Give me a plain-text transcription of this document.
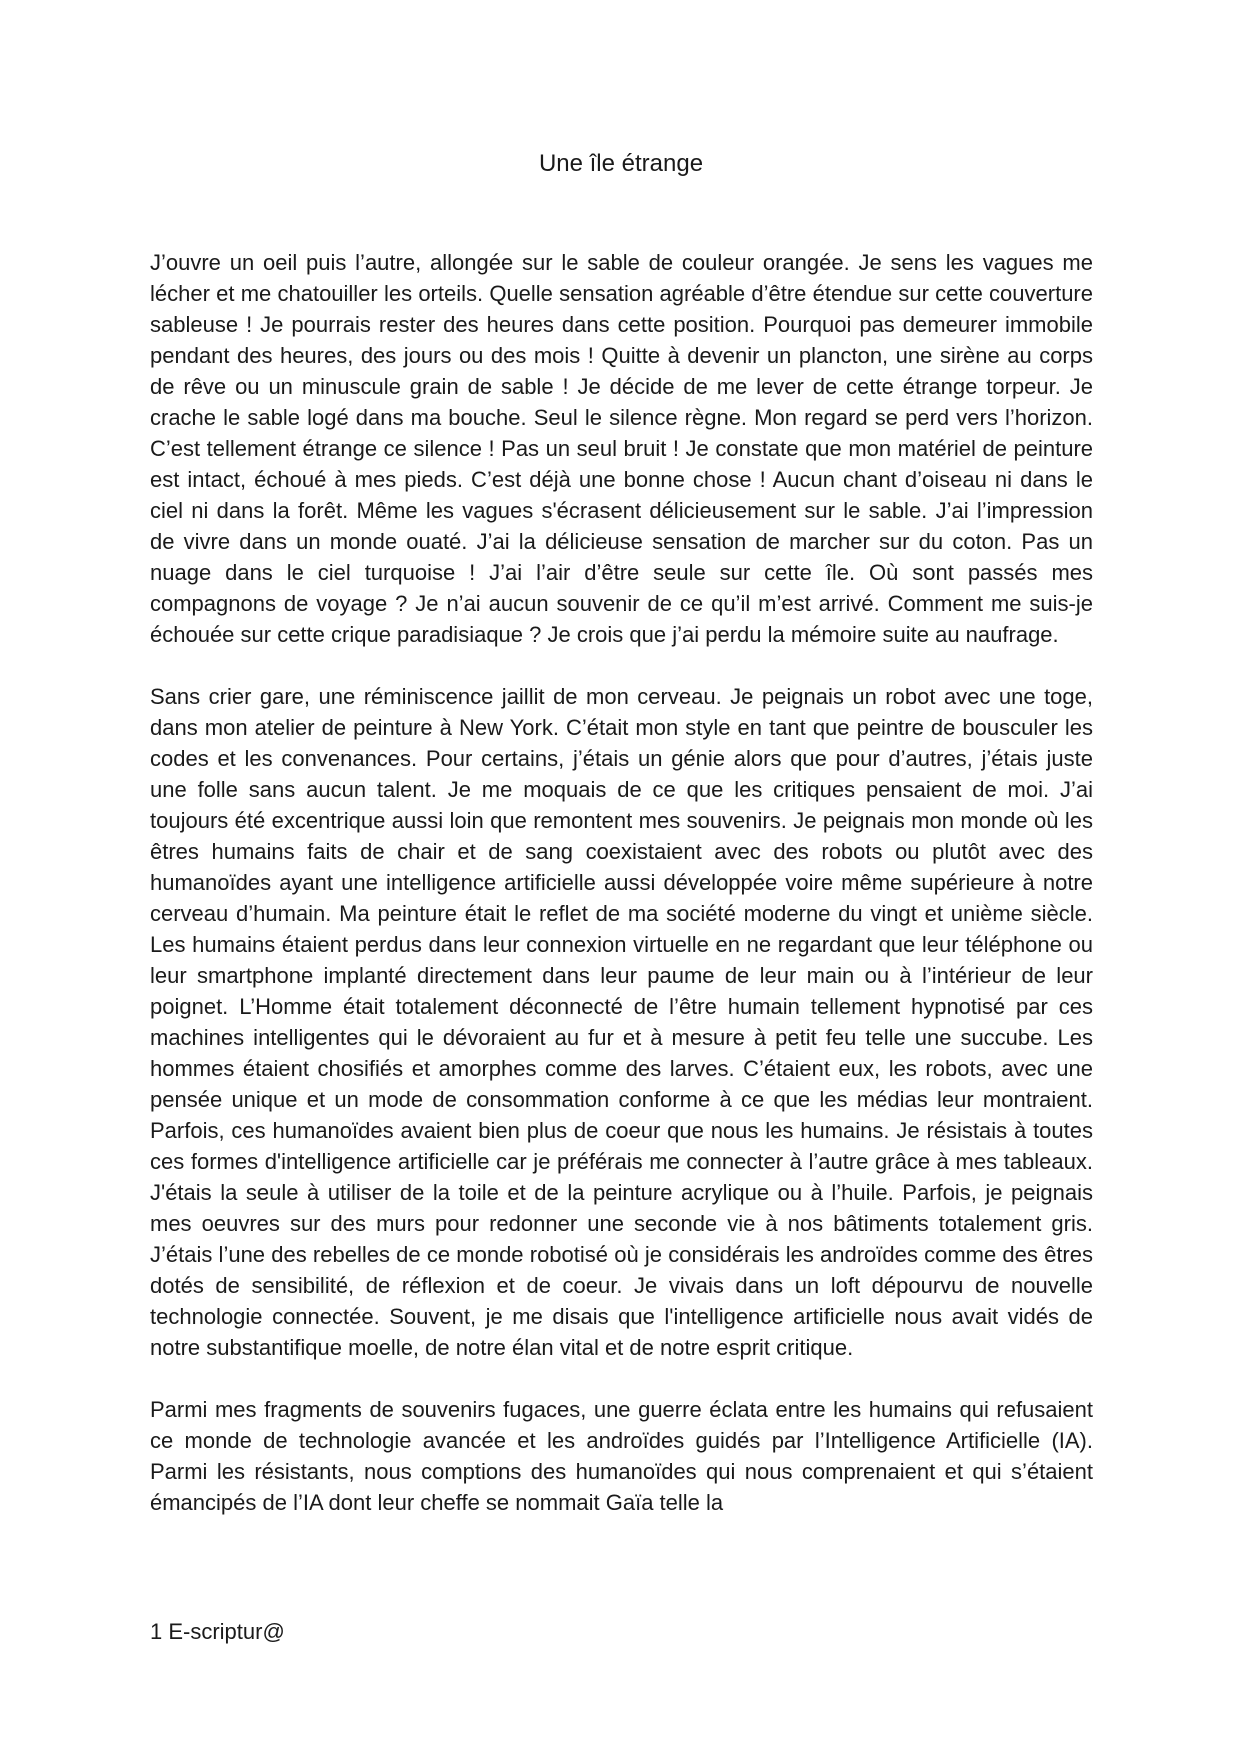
Une île étrange

J’ouvre un oeil puis l’autre, allongée sur le sable de couleur orangée. Je sens les vagues me lécher et me chatouiller les orteils. Quelle sensation agréable d’être étendue sur cette couverture sableuse ! Je pourrais rester des heures dans cette position. Pourquoi pas demeurer immobile pendant des heures, des jours ou des mois ! Quitte à devenir un plancton, une sirène au corps de rêve ou un minuscule grain de sable ! Je décide de me lever de cette étrange torpeur. Je crache le sable logé dans ma bouche. Seul le silence règne. Mon regard se perd vers l’horizon. C’est tellement étrange ce silence ! Pas un seul bruit ! Je constate que mon matériel de peinture est intact, échoué à mes pieds. C’est déjà une bonne chose ! Aucun chant d’oiseau ni dans le ciel ni dans la forêt. Même les vagues s'écrasent délicieusement sur le sable. J’ai l’impression de vivre dans un monde ouaté. J’ai la délicieuse sensation de marcher sur du coton. Pas un nuage dans le ciel turquoise ! J’ai l’air d’être seule sur cette île. Où sont passés mes compagnons de voyage ? Je n’ai aucun souvenir de ce qu’il m’est arrivé. Comment me suis-je échouée sur cette crique paradisiaque ? Je crois que j’ai perdu la mémoire suite au naufrage.

Sans crier gare, une réminiscence jaillit de mon cerveau. Je peignais un robot avec une toge, dans mon atelier de peinture à New York. C’était mon style en tant que peintre de bousculer les codes et les convenances. Pour certains, j’étais un génie alors que pour d’autres, j’étais juste une folle sans aucun talent. Je me moquais de ce que les critiques pensaient de moi. J’ai toujours été excentrique aussi loin que remontent mes souvenirs. Je peignais mon monde où les êtres humains faits de chair et de sang coexistaient avec des robots ou plutôt avec des humanoïdes ayant une intelligence artificielle aussi développée voire même supérieure à notre cerveau d’humain. Ma peinture était le reflet de ma société moderne du vingt et unième siècle. Les humains étaient perdus dans leur connexion virtuelle en ne regardant que leur téléphone ou leur smartphone implanté directement dans leur paume de leur main ou à l’intérieur de leur poignet. L’Homme était totalement déconnecté de l’être humain tellement hypnotisé par ces machines intelligentes qui le dévoraient au fur et à mesure à petit feu telle une succube. Les hommes étaient chosifiés et amorphes comme des larves. C’étaient eux, les robots, avec une pensée unique et un mode de consommation conforme à ce que les médias leur montraient. Parfois, ces humanoïdes avaient bien plus de coeur que nous les humains. Je résistais à toutes ces formes d'intelligence artificielle car je préférais me connecter à l’autre grâce à mes tableaux. J'étais la seule à utiliser de la toile et de la peinture acrylique ou à l’huile. Parfois, je peignais mes oeuvres sur des murs pour redonner une seconde vie à nos bâtiments totalement gris. J’étais l’une des rebelles de ce monde robotisé où je considérais les androïdes comme des êtres dotés de sensibilité, de réflexion et de coeur. Je vivais dans un loft dépourvu de nouvelle technologie connectée. Souvent, je me disais que l'intelligence artificielle nous avait vidés de notre substantifique moelle, de notre élan vital et de notre esprit critique.

Parmi mes fragments de souvenirs fugaces, une guerre éclata entre les humains qui refusaient ce monde de technologie avancée et les androïdes guidés par l’Intelligence Artificielle (IA). Parmi les résistants, nous comptions des humanoïdes qui nous comprenaient et qui s’étaient émancipés de l’IA dont leur cheffe se nommait Gaïa telle la

1 E-scriptur@
